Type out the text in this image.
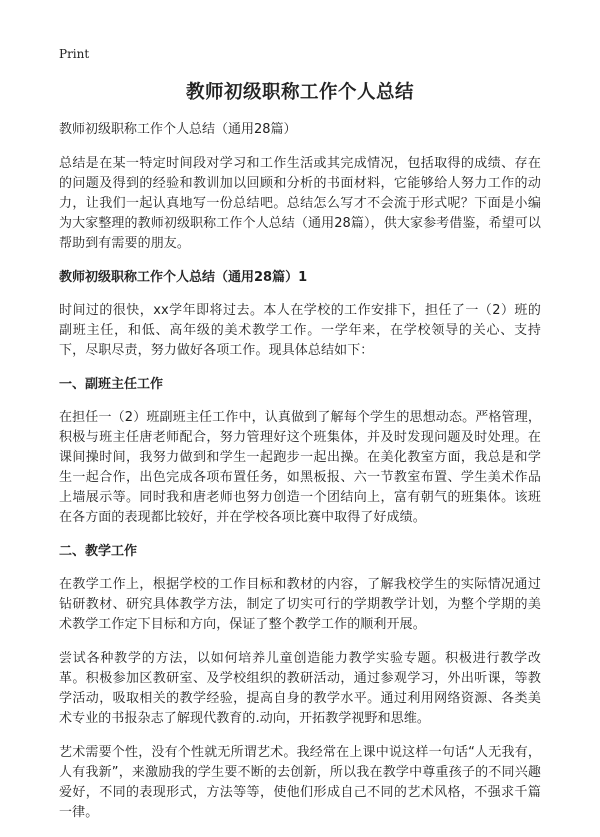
Print
教师初级职称工作个人总结

教师初级职称工作个人总结（通用28篇）

总结是在某一特定时间段对学习和工作生活或其完成情况，包括取得的成绩、存在的问题及得到的经验和教训加以回顾和分析的书面材料，它能够给人努力工作的动力，让我们一起认真地写一份总结吧。总结怎么写才不会流于形式呢？下面是小编为大家整理的教师初级职称工作个人总结（通用28篇），供大家参考借鉴，希望可以帮助到有需要的朋友。

教师初级职称工作个人总结（通用28篇）1

时间过的很快，xx学年即将过去。本人在学校的工作安排下，担任了一（2）班的副班主任，和低、高年级的美术教学工作。一学年来，在学校领导的关心、支持下，尽职尽责，努力做好各项工作。现具体总结如下：

一、副班主任工作

在担任一（2）班副班主任工作中，认真做到了解每个学生的思想动态。严格管理，积极与班主任唐老师配合，努力管理好这个班集体，并及时发现问题及时处理。在课间操时间，我努力做到和学生一起跑步一起出操。在美化教室方面，我总是和学生一起合作，出色完成各项布置任务，如黑板报、六一节教室布置、学生美术作品上墙展示等。同时我和唐老师也努力创造一个团结向上，富有朝气的班集体。该班在各方面的表现都比较好，并在学校各项比赛中取得了好成绩。

二、教学工作

在教学工作上，根据学校的工作目标和教材的内容，了解我校学生的实际情况通过钻研教材、研究具体教学方法，制定了切实可行的学期教学计划，为整个学期的美术教学工作定下目标和方向，保证了整个教学工作的顺利开展。

尝试各种教学的方法，以如何培养儿童创造能力教学实验专题。积极进行教学改革。积极参加区教研室、及学校组织的教研活动，通过参观学习，外出听课，等教学活动，吸取相关的教学经验，提高自身的教学水平。通过利用网络资源、各类美术专业的书报杂志了解现代教育的.动向，开拓教学视野和思维。

艺术需要个性，没有个性就无所谓艺术。我经常在上课中说这样一句话“人无我有，人有我新”，来激励我的学生要不断的去创新，所以我在教学中尊重孩子的不同兴趣爱好，不同的表现形式，方法等等，使他们形成自己不同的艺术风格，不强求千篇一律。
